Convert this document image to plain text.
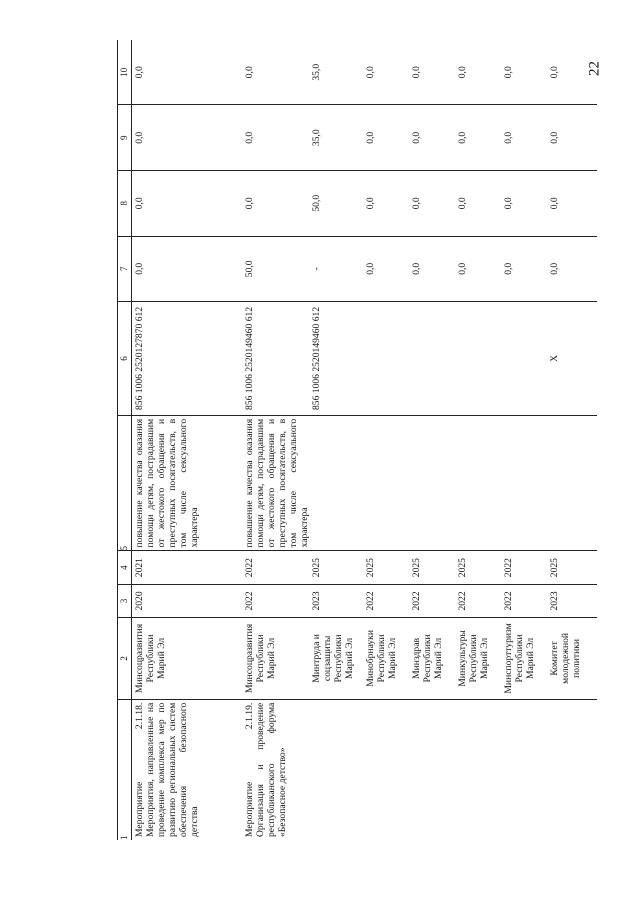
22
1	2	3	4	5	6	7	8	9	10
Мероприятие 2.1.18. Мероприятия, направленные на проведение комплекса мер по развитию региональных систем обеспечения безопасного детства	Минсоцразвития Республики Марий Эл	2020	2021	повышение качества оказания помощи детям, пострадавшим от жестокого обращения и преступных посягательств, в том числе сексуального характера	856 1006 2520127870 612	0,0	0,0	0,0	0,0
Мероприятие 2.1.19. Организация и проведение республиканского форума «Безопасное детство»	Минсоцразвития Республики Марий Эл	2022	2022	повышение качества оказания помощи детям, пострадавшим от жестокого обращения и преступных посягательств, в том числе сексуального характера	856 1006 2520149460 612	50,0	0,0	0,0	0,0
	Минтруда и соцзащиты Республики Марий Эл	2023	2025		856 1006 2520149460 612	-	50,0	35,0	35,0
	Минобрнауки Республики Марий Эл	2022	2025			0,0	0,0	0,0	0,0
	Минздрав Республики Марий Эл	2022	2025			0,0	0,0	0,0	0,0
	Минкультуры Республики Марий Эл	2022	2025			0,0	0,0	0,0	0,0
	Минспорттуризм Республики Марий Эл	2022	2022			0,0	0,0	0,0	0,0
	Комитет молодежной политики	2023	2025		X	0,0	0,0	0,0	0,0
